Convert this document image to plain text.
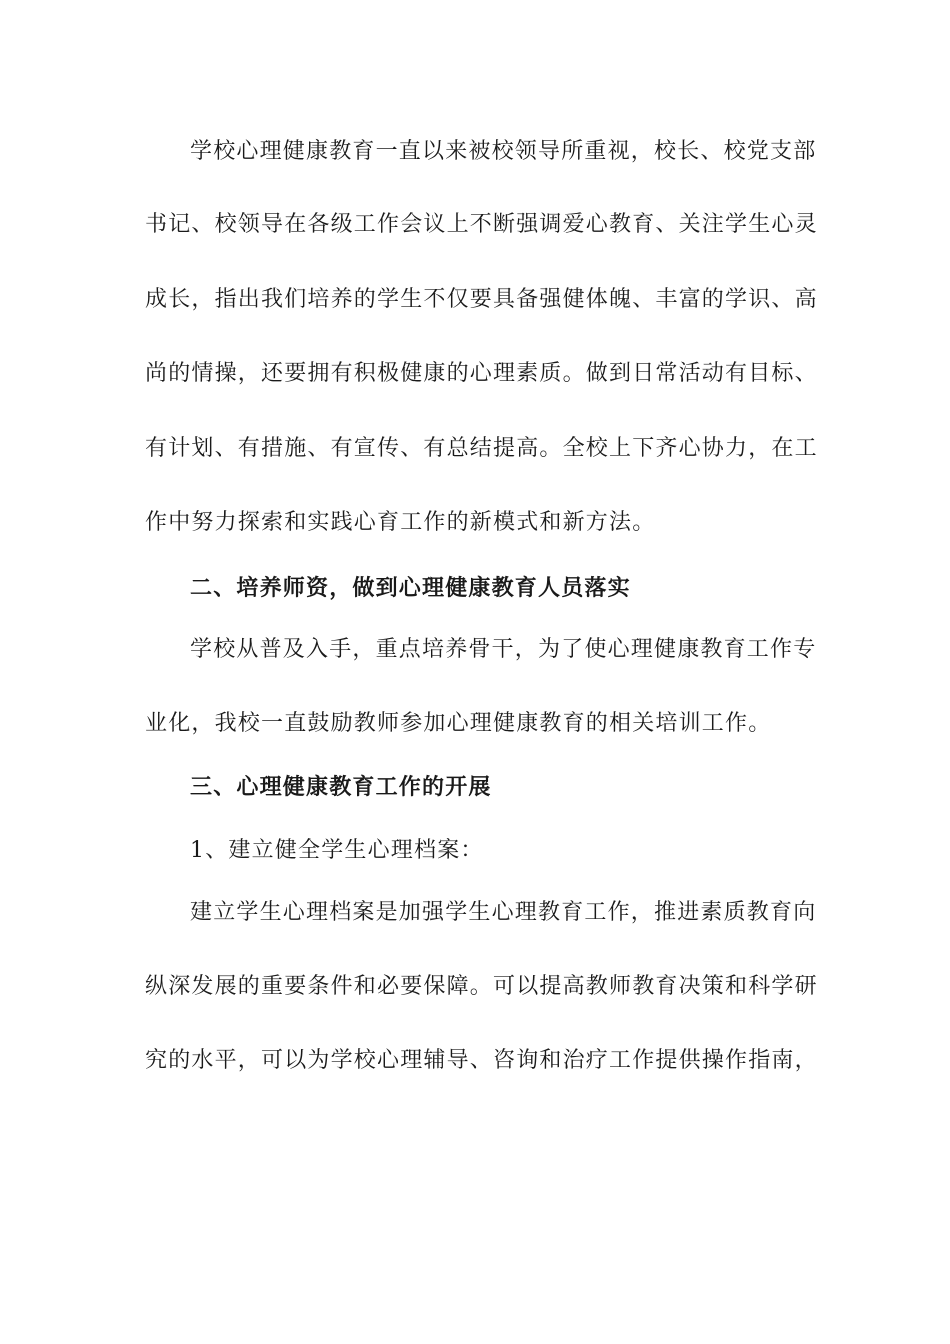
学校心理健康教育一直以来被校领导所重视，校长、校党支部
书记、校领导在各级工作会议上不断强调爱心教育、关注学生心灵
成长，指出我们培养的学生不仅要具备强健体魄、丰富的学识、高
尚的情操，还要拥有积极健康的心理素质。做到日常活动有目标、
有计划、有措施、有宣传、有总结提高。全校上下齐心协力，在工
作中努力探索和实践心育工作的新模式和新方法。
二、培养师资，做到心理健康教育人员落实
学校从普及入手，重点培养骨干，为了使心理健康教育工作专
业化，我校一直鼓励教师参加心理健康教育的相关培训工作。
三、心理健康教育工作的开展
1、建立健全学生心理档案：
建立学生心理档案是加强学生心理教育工作，推进素质教育向
纵深发展的重要条件和必要保障。可以提高教师教育决策和科学研
究的水平，可以为学校心理辅导、咨询和治疗工作提供操作指南，
